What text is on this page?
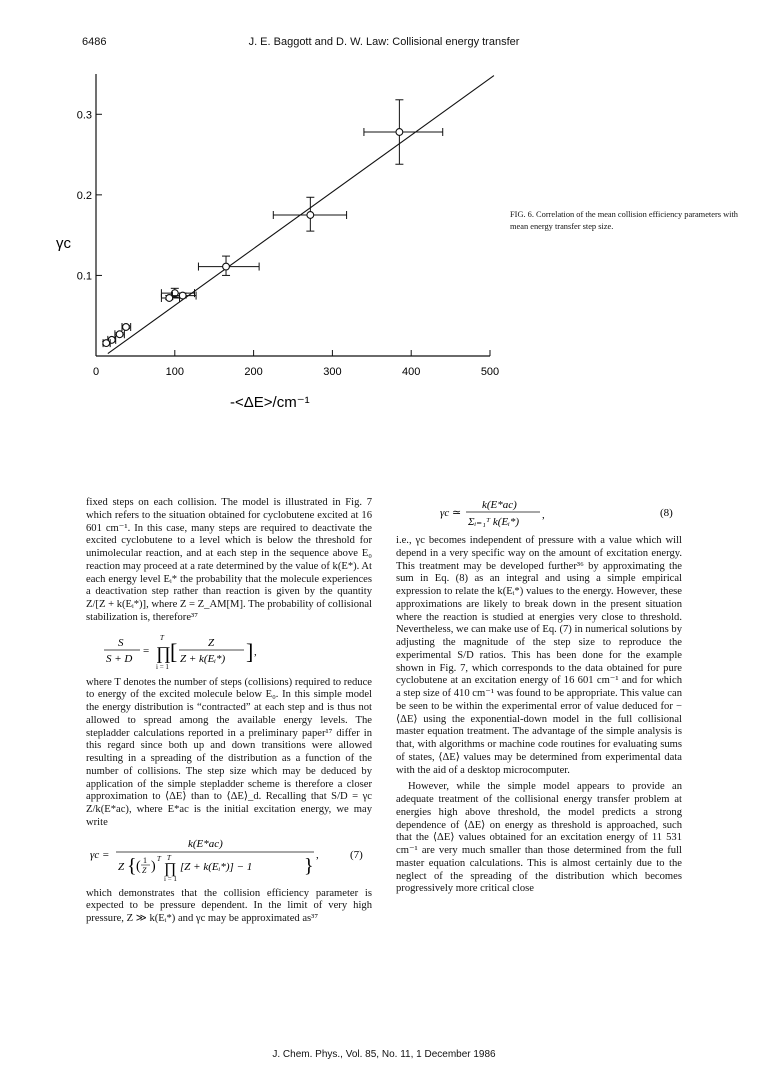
6486	J. E. Baggott and D. W. Law: Collisional energy transfer
0	100	200	300	400	500
0.1
0.2
0.3
γc
-<ΔE>/cm⁻¹
FIG. 6. Correlation of the mean collision efficiency parameters with mean energy transfer step size.

fixed steps on each collision. The model is illustrated in Fig. 7 which refers to the situation obtained for cyclobutene excited at 16 601 cm⁻¹. In this case, many steps are required to deactivate the excited cyclobutene to a level which is below the threshold for unimolecular reaction, and at each step in the sequence above E₀ reaction may proceed at a rate determined by the value of k(E*). At each energy level Eᵢ* the probability that the molecule experiences a deactivation step rather than reaction is given by the quantity Z/[Z + k(Eᵢ*)], where Z = Z_AM[M]. The probability of collisional stabilization is, therefore³⁷

S
S + D
= ∏
T
i = 1
[	Z
Z + k(Eᵢ*) ] ,

where T denotes the number of steps (collisions) required to reduce to energy of the excited molecule below E₀. In this simple model the energy distribution is “contracted” at each step and is thus not allowed to spread among the available energy levels. The stepladder calculations reported in a preliminary paper¹⁷ differ in this regard since both up and down transitions were allowed resulting in a spreading of the distribution as a function of the number of collisions. The step size which may be deduced by application of the simple stepladder scheme is therefore a closer approximation to ⟨ΔE⟩ than to ⟨ΔE⟩_d. Recalling that S/D = γc Z/k(E*ac), where E*ac is the initial excitation energy, we may write

γc =
k(E*ac)
Z { ( 1
Z ) T
∏
T
i = 1
[Z + k(Eᵢ*)] − 1	} ,	(7)

which demonstrates that the collision efficiency parameter is expected to be pressure dependent. In the limit of very high pressure, Z ≫ k(Eᵢ*) and γc may be approximated as³⁷

γc ≃
k(E*ac)
Σᵢ₌₁ᵀ k(Eᵢ*)
,	(8)

i.e., γc becomes independent of pressure with a value which will depend in a very specific way on the amount of excitation energy. This treatment may be developed further³⁶ by approximating the sum in Eq. (8) as an integral and using a simple empirical expression to relate the k(Eᵢ*) values to the energy. However, these approximations are likely to break down in the present situation where the reaction is studied at energies very close to threshold. Nevertheless, we can make use of Eq. (7) in numerical solutions by adjusting the magnitude of the step size to reproduce the experimental S/D ratios. This has been done for the example shown in Fig. 7, which corresponds to the data obtained for pure cyclobutene at an excitation energy of 16 601 cm⁻¹ and for which a step size of 410 cm⁻¹ was found to be appropriate. This value can be seen to be within the experimental error of value deduced for −⟨ΔE⟩ using the exponential-down model in the full collisional master equation treatment. The advantage of the simple analysis is that, with algorithms or machine code routines for evaluating sums of states, ⟨ΔE⟩ values may be determined from experimental data with the aid of a desktop microcomputer.

However, while the simple model appears to provide an adequate treatment of the collisional energy transfer problem at energies high above threshold, the model predicts a strong dependence of ⟨ΔE⟩ on energy as threshold is approached, such that the ⟨ΔE⟩ values obtained for an excitation energy of 11 531 cm⁻¹ are very much smaller than those determined from the full master equation calculations. This is almost certainly due to the neglect of the spreading of the distribution which becomes progressively more critical close

J. Chem. Phys., Vol. 85, No. 11, 1 December 1986
